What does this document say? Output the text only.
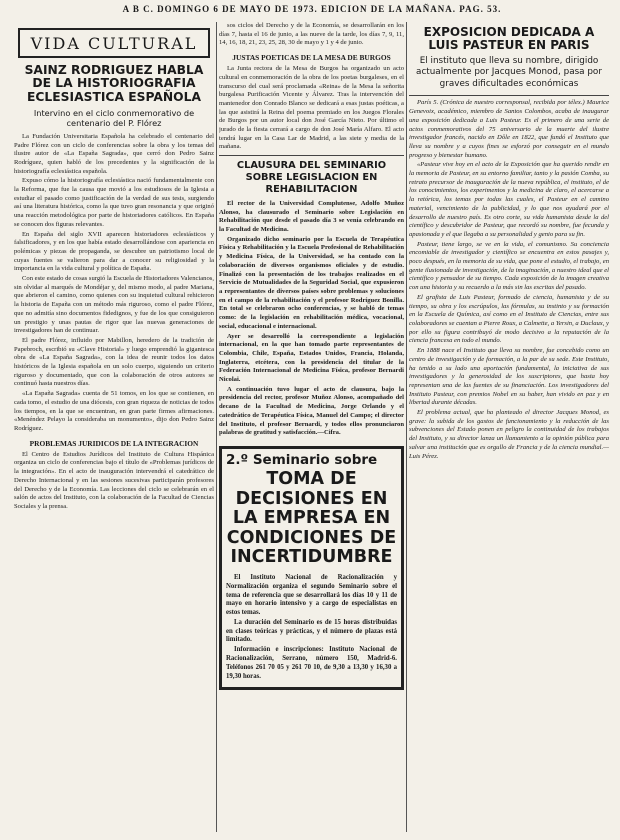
A B C. DOMINGO 6 DE MAYO DE 1973. EDICION DE LA MAÑANA. PAG. 53.
VIDA CULTURAL
SAINZ RODRIGUEZ HABLA DE LA HISTORIOGRAFIA ECLESIASTICA ESPAÑOLA
Intervino en el ciclo conmemorativo de centenario del P. Flórez

La Fundación Universitaria Española ha celebrado el centenario del Padre Flórez con un ciclo de conferencias sobre la obra y los temas del ilustre autor de «La España Sagrada», que cerró don Pedro Sainz Rodríguez, quien habló de los precedentes y la significación de la historiografía eclesiástica española.

Expuso cómo la historiografía eclesiástica nació fundamentalmente con la Reforma, que fue la causa que movió a los estudiosos de la Iglesia a estudiar el pasado como justificación de la verdad de sus tesis, surgiendo así una literatura histórica, como la que tuvo gran resonancia y que originó una reacción metodológica por parte de historiadores católicos. En España se conocen dos figuras relevantes.

En España del siglo XVII aparecen historiadores eclesiásticos y falsificadores, y en los que había estado desarrollándose con apariencia en polémicas y piezas de propaganda, se descubre un patriotismo local de cuyas fuentes se valieron para dar a conocer su religiosidad y la importancia en la vida cultural y política de España.

Con este estado de cosas surgió la Escuela de Historiadores Valencianos, sin olvidar al marqués de Mondéjar y, del mismo modo, al padre Mariana, que abrieron el camino, como quienes con su inquietud cultural rehicieron la historia de España con un método más riguroso, como el padre Flórez, que no admitía sino documentos fidedignos, y fue de los que consiguieron un prestigio y unas pautas de rigor que las nuevas generaciones de investigadores han de continuar.

El padre Flórez, influido por Mabillon, heredero de la tradición de Papebroch, escribió su «Clave Historial» y luego emprendió la gigantesca obra de «La España Sagrada», con la idea de reunir todos los datos históricos de la Iglesia española en un solo cuerpo, siguiendo un criterio riguroso y documentado, que con la colaboración de otros autores se continuó hasta nuestros días.

«La España Sagrada» cuenta de 51 tomos, en los que se contienen, en cada tomo, el estudio de una diócesis, con gran riqueza de noticias de todos los tiempos, en la que se encuentran, en gran parte firmes afirmaciones. «Menéndez Pelayo la consideraba un monumento», dijo don Pedro Sainz Rodríguez.

PROBLEMAS JURIDICOS DE LA INTEGRACION

El Centro de Estudios Jurídicos del Instituto de Cultura Hispánica organiza un ciclo de conferencias bajo el título de «Problemas jurídicos de la integración». En el acto de inauguración intervendrá el catedrático de Derecho Internacional y en las sesiones sucesivas participarán profesores del Derecho y de la Economía. Las lecciones del ciclo se celebrarán en el salón de actos del Instituto, con la colaboración de la Facultad de Ciencias Sociales y la prensa.

sos ciclos del Derecho y de la Economía, se desarrollarán en los días 7, hasta el 16 de junio, a las nueve de la tarde, los días 7, 9, 11, 14, 16, 18, 21, 23, 25, 28, 30 de mayo y 1 y 4 de junio.

JUSTAS POETICAS DE LA MESA DE BURGOS

La Junta rectora de la Mesa de Burgos ha organizado un acto cultural en conmemoración de la obra de los poetas burgaleses, en el transcurso del cual será proclamada «Reina» de la Mesa la señorita burgalesa Purificación Vicente y Álvarez. Tras la intervención del mantenedor don Conrado Blanco se dedicará a esas justas poéticas, a las que asistirá la Reina del poema premiado en los Juegos Florales de Burgos por un autor local don José García Nieto. Por último el jurado de la fiesta cerrará a cargo de don José María Alfaro. El acto tendrá lugar en la Casa Lar de Madrid, a las siete y media de la mañana.

CLAUSURA DEL SEMINARIO SOBRE LEGISLACION EN REHABILITACION

El rector de la Universidad Complutense, Adolfo Muñoz Alonso, ha clausurado el Seminario sobre Legislación en Rehabilitación que desde el pasado día 3 se venía celebrando en la Facultad de Medicina.

Organizado dicho seminario por la Escuela de Terapéutica Física y Rehabilitación y la Escuela Profesional de Rehabilitación y Medicina Física, de la Universidad, se ha contado con la colaboración de diversos organismos oficiales y de estudio. Finalizó con la presentación de los trabajos realizados en el Servicio de Mutualidades de la Seguridad Social, que expusieron a representantes de diversos países sobre problemas y soluciones en el campo de la rehabilitación y el profesor Rodríguez Bonilla. En total se celebraron ocho conferencias, y se habló de temas como: de la legislación en rehabilitación médica, vocacional, social, educacional e internacional.

Ayer se desarrolló la correspondiente a legislación internacional, en la que han tomado parte representantes de Colombia, Chile, España, Estados Unidos, Francia, Holanda, Inglaterra, etcétera, con la presidencia del titular de la Federación Internacional de Medicina Física, profesor Bernardi Nicolai.

A continuación tuvo lugar el acto de clausura, bajo la presidencia del rector, profesor Muñoz Alonso, acompañado del decano de la Facultad de Medicina, Jorge Orlando y el catedrático de Terapéutica Física, Manuel del Campo; el director del Instituto, el profesor Bernardi, y todos ellos pronunciaron palabras de gratitud y satisfacción.—Cifra.

2.º Seminario sobre
TOMA DE DECISIONES EN LA EMPRESA EN CONDICIONES DE INCERTIDUMBRE

El Instituto Nacional de Racionalización y Normalización organiza el segundo Seminario sobre el tema de referencia que se desarrollará los días 10 y 11 de mayo en horario intensivo y a cargo de especialistas en estos temas.

La duración del Seminario es de 15 horas distribuidas en clases teóricas y prácticas, y el número de plazas está limitado.

Información e inscripciones: Instituto Nacional de Racionalización, Serrano, número 150, Madrid-6. Teléfonos 261 70 05 y 261 70 10, de 9,30 a 13,30 y 16,30 a 19,30 horas.

EXPOSICION DEDICADA A LUIS PASTEUR EN PARIS
El instituto que lleva su nombre, dirigido actualmente por Jacques Monod, pasa por graves dificultades económicas

París 5. (Crónica de nuestro corresponsal, recibida por télex.) Maurice Genevoix, académico, miembro de Santos Colombos, acaba de inaugurar una exposición dedicada a Luis Pasteur. Es el primero de una serie de actos conmemorativos del 75 aniversario de la muerte del ilustre investigador francés, nacido en Dôle en 1822, que fundó el Instituto que lleva su nombre y a cuyos fines se esforzó por conseguir en el mundo progreso y bienestar humano.

«Pasteur vive hoy en el acto de la Exposición que ha querido rendir en la memoria de Pasteur, en su entorno familiar, tanto y la pasión Comba, su retrato precursor de inauguración de la nueva república, el instituto, el de los conocimientos, los experimentos y la medicina de claro, el acercarse a la retórica, los temas por todas las cuales, el Pasteur en el camino material, vencimiento de la publicidad, y lo que nos ayudará por el desarrollo de nuestro país. Es otro corte, su vida humanista desde la del científico y descubridor de Pasteur, que recordó su nombre, fue fecunda y apasionada y el que llegaba a su personalidad y genio para su fin.

Pasteur, tiene largo, se ve en la vida, el comunismo. Su conciencia encomiable de investigador y científico se encuentra en estos pasajes y, poco después, en la memoria de su vida, que pone el estudio, el trabajo, en gente ilusionada de investigación, de la imaginación, a nuestro ideal que el científico y pensador de su tiempo. Cada exposición de la imagen creativa con una historia y su recuerdo a la más sin las escritas del pasado.

El grafista de Luis Pasteur, formado de ciencia, humanista y de su tiempo, su obra y los escrúpulos, las fórmulas, su instinto y su formación en la Escuela de Química, así como en el Instituto de Ciencias, entre sus colaboradores se cuentan a Pierre Roux, a Calmette, a Yersin, a Duclaux, y por ello su figura contribuyó de modo decisivo a la reputación de la ciencia francesa en todo el mundo.

En 1888 nace el Instituto que lleva su nombre, fue concebido como un centro de investigación y de formación, a la par de su sede. Este Instituto, ha tenido a su lado una aportación fundamental, la iniciativa de sus investigadores y la generosidad de los suscriptores, que hasta hoy representan una de las fuentes de su financiación. Los investigadores del Instituto Pasteur, con premios Nobel en su haber, han vivido en paz y en libertad durante décadas.

El problema actual, que ha planteado el director Jacques Monod, es grave: la subida de los gastos de funcionamiento y la reducción de las subvenciones del Estado ponen en peligro la continuidad de los trabajos del Instituto, y su director lanza un llamamiento a la opinión pública para salvar una institución que es orgullo de Francia y de la ciencia mundial.—Luis Pérez.
